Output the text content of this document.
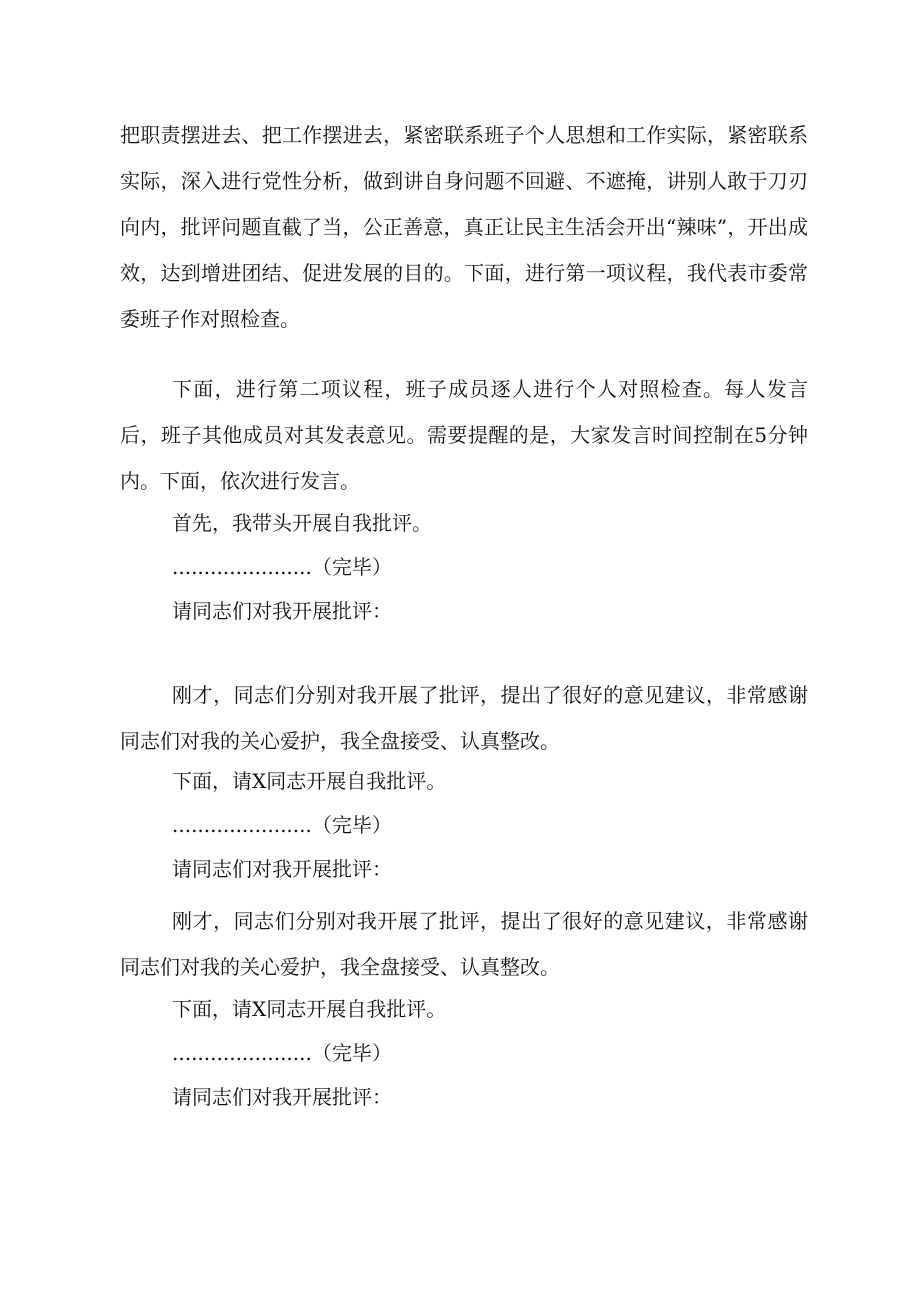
把职责摆进去、把工作摆进去，紧密联系班子个人思想和工作实际，紧密联系实际，深入进行党性分析，做到讲自身问题不回避、不遮掩，讲别人敢于刀刃向内，批评问题直截了当，公正善意，真正让民主生活会开出“辣味”，开出成效，达到增进团结、促进发展的目的。下面，进行第一项议程，我代表市委常委班子作对照检查。

下面，进行第二项议程，班子成员逐人进行个人对照检查。每人发言后，班子其他成员对其发表意见。需要提醒的是，大家发言时间控制在5分钟内。下面，依次进行发言。

首先，我带头开展自我批评。

......................（完毕）

请同志们对我开展批评：

刚才，同志们分别对我开展了批评，提出了很好的意见建议，非常感谢同志们对我的关心爱护，我全盘接受、认真整改。

下面，请X同志开展自我批评。

......................（完毕）

请同志们对我开展批评：

刚才，同志们分别对我开展了批评，提出了很好的意见建议，非常感谢同志们对我的关心爱护，我全盘接受、认真整改。

下面，请X同志开展自我批评。

......................（完毕）

请同志们对我开展批评：
